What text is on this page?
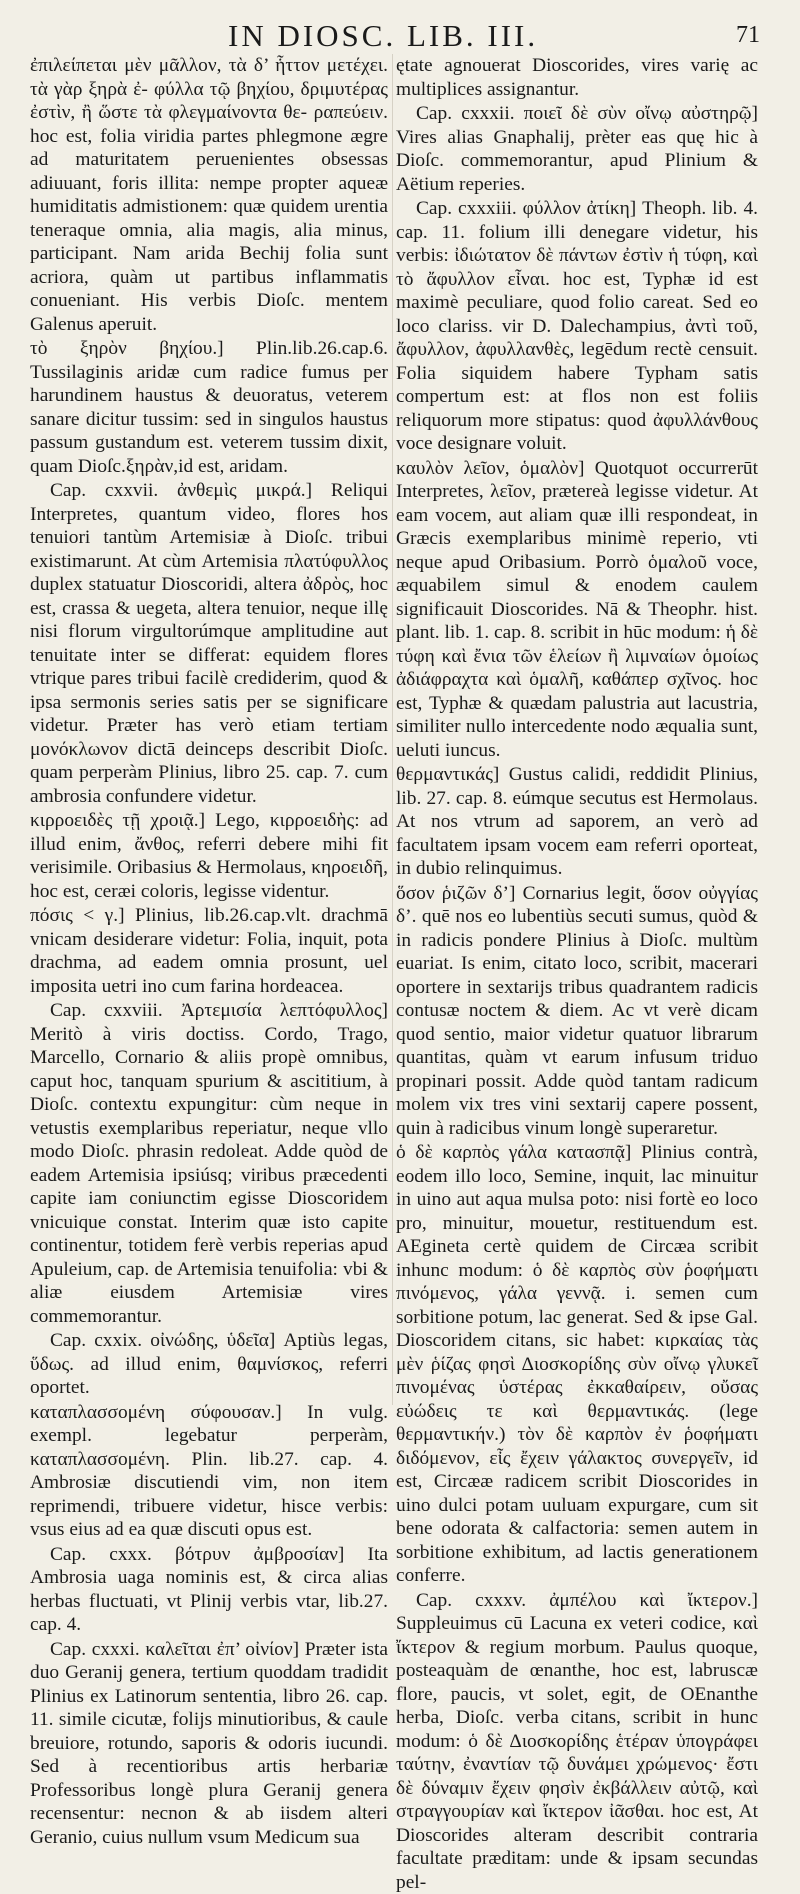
IN DIOSC. LIB. III.	71

ἐπιλείπεται μὲν μᾶλλον, τὰ δ’ ἧττον μετέχει. τὰ γὰρ ξηρὰ ἐ‑ φύλλα τῷ βηχίου, δριμυτέρας ἐστὶν, ἢ ὥστε τὰ φλεγμαίνοντα θε‑ ραπεύειν. hoc est, folia viridia partes phlegmone ægre ad maturitatem peruenientes obsessas adiuuant, foris illita: nempe propter aqueæ humiditatis admistionem: quæ quidem urentia teneraque omnia, alia magis, alia minus, participant. Nam arida Bechij folia sunt acriora, quàm ut partibus inflammatis conueniant. His verbis Dioſc. mentem Galenus aperuit.

τὸ ξηρὸν βηχίου.] Plin.lib.26.cap.6. Tussilaginis aridæ cum radice fumus per harundinem haustus & deuoratus, veterem sanare dicitur tussim: sed in singulos haustus passum gustandum est. veterem tussim dixit, quam Dioſc.ξηρὰν,id est, aridam.

Cap. cxxvii. ἀνθεμὶς μικρά.] Reliqui Interpretes, quantum video, flores hos tenuiori tantùm Artemisiæ à Dioſc. tribui existimarunt. At cùm Artemisia πλατύφυλλος duplex statuatur Dioscoridi, altera ἀδρὸς, hoc est, crassa & uegeta, altera tenuior, neque illę nisi florum virgultorúmque amplitudine aut tenuitate inter se differat: equidem flores vtrique pares tribui facilè crediderim, quod & ipsa sermonis series satis per se significare videtur. Præter has verò etiam tertiam μονόκλωνον dictā deinceps describit Dioſc. quam perperàm Plinius, libro 25. cap. 7. cum ambrosia confundere videtur.

κιρροειδὲς τῇ χροιᾷ.] Lego, κιρροειδὴς: ad illud enim, ἄνθος, referri debere mihi fit verisimile. Oribasius & Hermolaus, κηροειδῆ, hoc est, ceræi coloris, legisse videntur.

πόσις < γ.] Plinius, lib.26.cap.vlt. drachmā vnicam desiderare videtur: Folia, inquit, pota drachma, ad eadem omnia prosunt, uel imposita uetri ino cum farina hordeacea.

Cap. cxxviii. Ἀρτεμισία λεπτόφυλλος] Meritò à viris doctiss. Cordo, Trago, Marcello, Cornario & aliis propè omnibus, caput hoc, tanquam spurium & ascititium, à Dioſc. contextu expungitur: cùm neque in vetustis exemplaribus reperiatur, neque vllo modo Dioſc. phrasin redoleat. Adde quòd de eadem Artemisia ipsiúsq; viribus præcedenti capite iam coniunctim egisse Dioscoridem vnicuique constat. Interim quæ isto capite continentur, totidem ferè verbis reperias apud Apuleium, cap. de Artemisia tenuifolia: vbi & aliæ eiusdem Artemisiæ vires commemorantur.

Cap. cxxix. οἰνώδης, ὑδεῖα] Aptiùs legas, ὕδως. ad illud enim, θαμνίσκος, referri oportet.

καταπλασσομένη σύφουσαν.] In vulg. exempl. legebatur perperàm, καταπλασσομένη. Plin. lib.27. cap. 4. Ambrosiæ discutiendi vim, non item reprimendi, tribuere videtur, hisce verbis: vsus eius ad ea quæ discuti opus est.

Cap. cxxx. βότρυν ἀμβροσίαν] Ita Ambrosia uaga nominis est, & circa alias herbas fluctuati, vt Plinij verbis vtar, lib.27. cap. 4.

Cap. cxxxi. καλεῖται ἐπ’ οἰνίον] Præter ista duo Geranij genera, tertium quoddam tradidit Plinius ex Latinorum sententia, libro 26. cap. 11. simile cicutæ, folijs minutioribus, & caule breuiore, rotundo, saporis & odoris iucundi. Sed à recentioribus artis herbariæ Professoribus longè plura Geranij genera recensentur: necnon & ab iisdem alteri Geranio, cuius nullum vsum Medicum sua

ętate agnouerat Dioscorides, vires varię ac multiplices assignantur.

Cap. cxxxii. ποιεῖ δὲ σὺν οἴνῳ αὐστηρῷ] Vires alias Gnaphalij, prèter eas quę hic à Dioſc. commemorantur, apud Plinium & Aëtium reperies.

Cap. cxxxiii. φύλλον ἀτίκη] Theoph. lib. 4. cap. 11. folium illi denegare videtur, his verbis: ἰδιώτατον δὲ πάντων ἐστὶν ἡ τύφη, καὶ τὸ ἄφυλλον εἶναι. hoc est, Typhæ id est maximè peculiare, quod folio careat. Sed eo loco clariss. vir D. Dalechampius, ἀντὶ τοῦ, ἄφυλλον, ἀφυλλανθὲς, legēdum rectè censuit. Folia siquidem habere Typham satis compertum est: at flos non est foliis reliquorum more stipatus: quod ἀφυλλάνθους voce designare voluit.

καυλὸν λεῖον, ὁμαλὸν] Quotquot occurrerūt Interpretes, λεῖον, prætereà legisse videtur. At eam vocem, aut aliam quæ illi respondeat, in Græcis exemplaribus minimè reperio, vti neque apud Oribasium. Porrò ὁμαλοῦ voce, æquabilem simul & enodem caulem significauit Dioscorides. Nā & Theophr. hist. plant. lib. 1. cap. 8. scribit in hūc modum: ἡ δὲ τύφη καὶ ἔνια τῶν ἑλείων ἢ λιμναίων ὁμοίως ἀδιάφραχτα καὶ ὁμαλῆ, καθάπερ σχῖνος. hoc est, Typhæ & quædam palustria aut lacustria, similiter nullo intercedente nodo æqualia sunt, ueluti iuncus.

θερμαντικάς] Gustus calidi, reddidit Plinius, lib. 27. cap. 8. eúmque secutus est Hermolaus. At nos vtrum ad saporem, an verò ad facultatem ipsam vocem eam referri oporteat, in dubio relinquimus.

ὅσον ῥιζῶν δ’] Cornarius legit, ὅσον οὐγγίας δ’. quē nos eo lubentiùs secuti sumus, quòd & in radicis pondere Plinius à Dioſc. multùm euariat. Is enim, citato loco, scribit, macerari oportere in sextarijs tribus quadrantem radicis contusæ noctem & diem. Ac vt verè dicam quod sentio, maior videtur quatuor librarum quantitas, quàm vt earum infusum triduo propinari possit. Adde quòd tantam radicum molem vix tres vini sextarij capere possent, quin à radicibus vinum longè superaretur.

ὁ δὲ καρπὸς γάλα κατασπᾷ] Plinius contrà, eodem illo loco, Semine, inquit, lac minuitur in uino aut aqua mulsa poto: nisi fortè eo loco pro, minuitur, mouetur, restituendum est. AEgineta certè quidem de Circæa scribit inhunc modum: ὁ δὲ καρπὸς σὺν ῥοφήματι πινόμενος, γάλα γεννᾷ. i. semen cum sorbitione potum, lac generat. Sed & ipse Gal. Dioscoridem citans, sic habet: κιρκαίας τὰς μὲν ῥίζας φησὶ Διοσκορίδης σὺν οἴνῳ γλυκεῖ πινομένας ὑστέρας ἐκκαθαίρειν, οὔσας εὐώδεις τε καὶ θερμαντικάς. (lege θερμαντικήν.) τὸν δὲ καρπὸν ἐν ῥοφήματι διδόμενον, εἶς ἔχειν γάλακτος συνεργεῖν, id est, Circææ radicem scribit Dioscorides in uino dulci potam uuluam expurgare, cum sit bene odorata & calfactoria: semen autem in sorbitione exhibitum, ad lactis generationem conferre.

Cap. cxxxv. ἀμπέλου καὶ ἴκτερον.] Suppleuimus cū Lacuna ex veteri codice, καὶ ἴκτερον & regium morbum. Paulus quoque, posteaquàm de œnanthe, hoc est, labruscæ flore, paucis, vt solet, egit, de OEnanthe herba, Dioſc. verba citans, scribit in hunc modum: ὁ δὲ Διοσκορίδης ἑτέραν ὑπογράφει ταύτην, ἐναντίαν τῷ δυνάμει χρώμενος· ἔστι δὲ δύναμιν ἔχειν φησὶν ἐκβάλλειν αὐτῷ, καὶ στραγγουρίαν καὶ ἴκτερον ἰᾶσθαι. hoc est, At Dioscorides alteram describit contraria facultate præditam: unde & ipsam secundas pel-
